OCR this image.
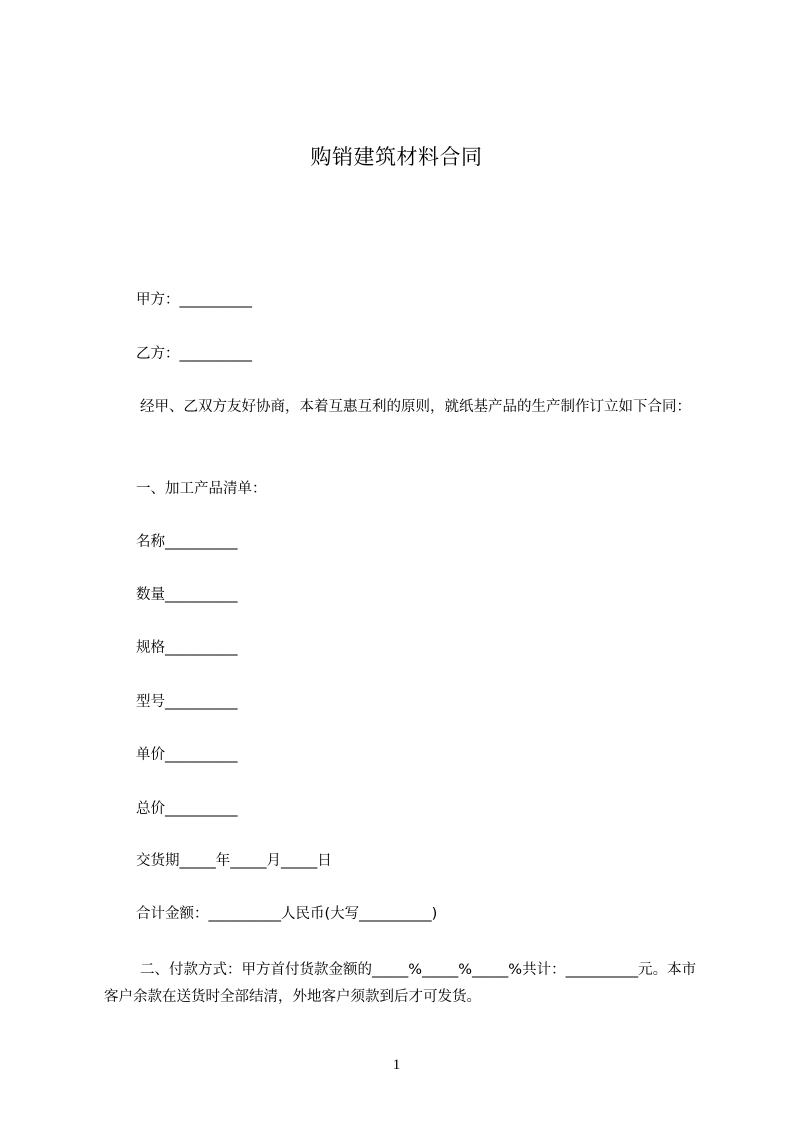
购销建筑材料合同
甲方：__________
乙方：__________
经甲、乙双方友好协商，本着互惠互利的原则，就纸基产品的生产制作订立如下合同：
一、加工产品清单：
名称__________
数量__________
规格__________
型号__________
单价__________
总价__________
交货期_____年_____月_____日
合计金额：__________人民币(大写__________)
二、付款方式：甲方首付货款金额的_____%_____%_____%共计：__________元。本市客户余款在送货时全部结清，外地客户须款到后才可发货。
1
